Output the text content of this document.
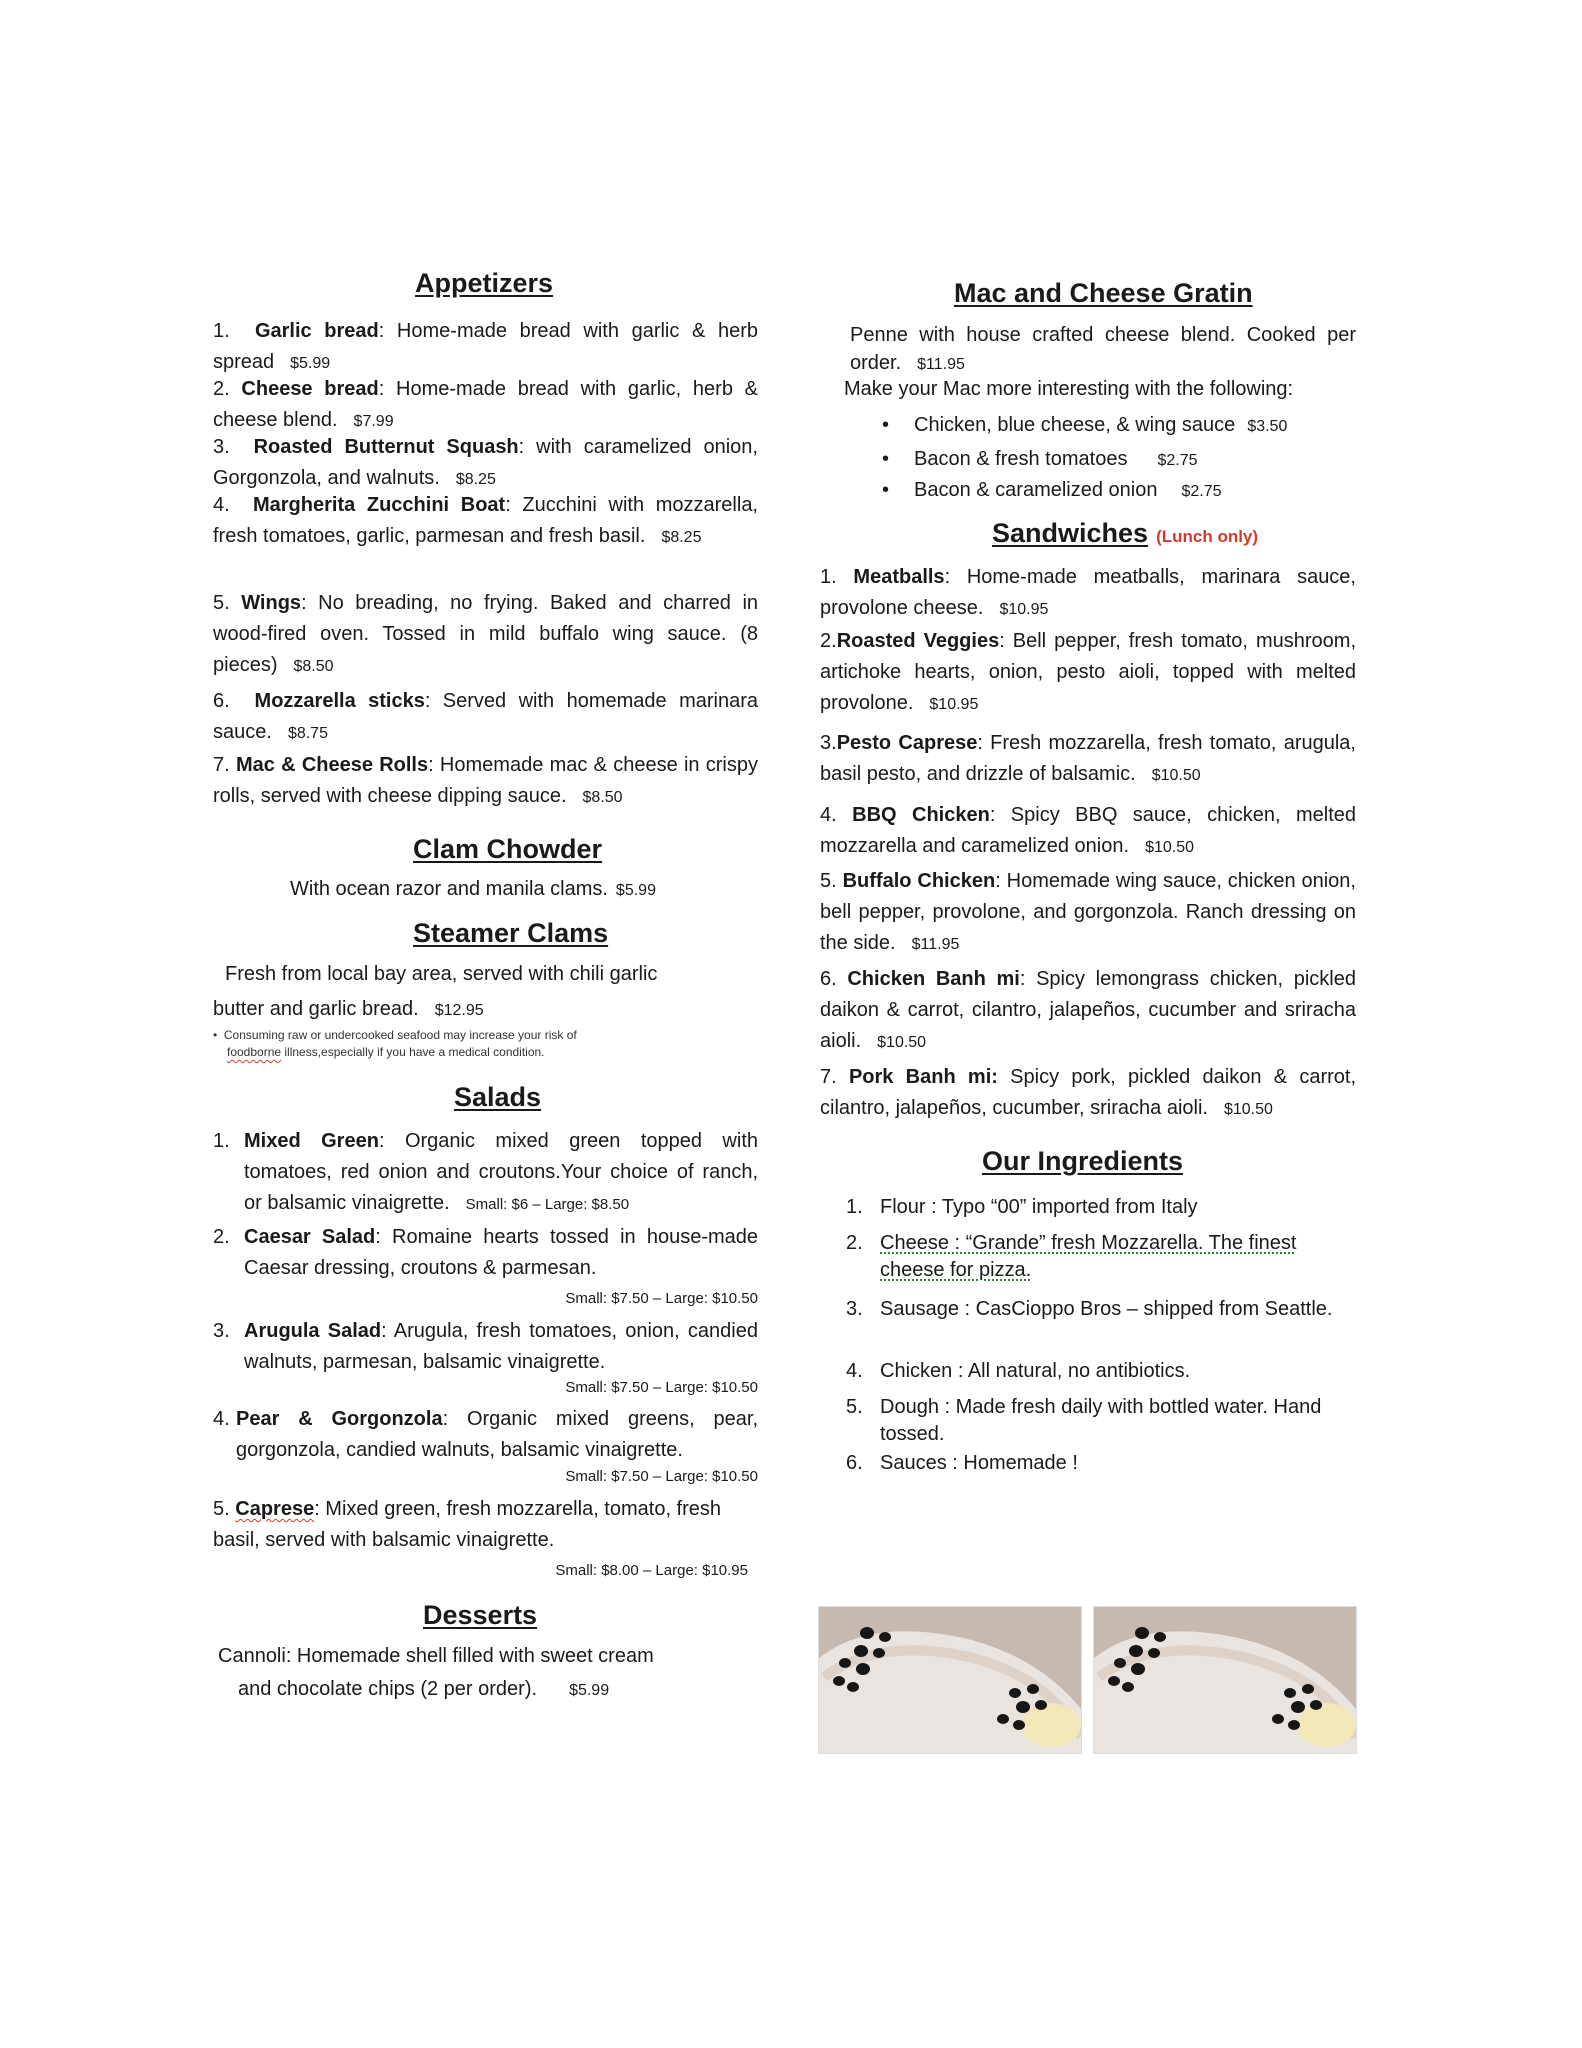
Appetizers
1. Garlic bread: Home-made bread with garlic & herb spread $5.99
2. Cheese bread: Home-made bread with garlic, herb & cheese blend. $7.99
3. Roasted Butternut Squash: with caramelized onion, Gorgonzola, and walnuts. $8.25
4. Margherita Zucchini Boat: Zucchini with mozzarella, fresh tomatoes, garlic, parmesan and fresh basil. $8.25
5. Wings: No breading, no frying. Baked and charred in wood-fired oven. Tossed in mild buffalo wing sauce. (8 pieces) $8.50
6. Mozzarella sticks: Served with homemade marinara sauce. $8.75
7. Mac & Cheese Rolls: Homemade mac & cheese in crispy rolls, served with cheese dipping sauce. $8.50
Clam Chowder
With ocean razor and manila clams. $5.99
Steamer Clams
Fresh from local bay area, served with chili garlic
butter and garlic bread. $12.95
•  Consuming raw or undercooked seafood may increase your risk of
foodborne illness,especially if you have a medical condition.
Salads
1. Mixed Green: Organic mixed green topped with tomatoes, red onion and croutons.Your choice of ranch, or balsamic vinaigrette. Small: $6 – Large: $8.50
2. Caesar Salad: Romaine hearts tossed in house-made Caesar dressing, croutons & parmesan.
Small: $7.50 – Large: $10.50
3. Arugula Salad: Arugula, fresh tomatoes, onion, candied walnuts, parmesan, balsamic vinaigrette.
Small: $7.50 – Large: $10.50
4. Pear & Gorgonzola: Organic mixed greens, pear, gorgonzola, candied walnuts, balsamic vinaigrette.
Small: $7.50 – Large: $10.50
5. Caprese: Mixed green, fresh mozzarella, tomato, fresh basil, served with balsamic vinaigrette.
Small: $8.00 – Large: $10.95
Desserts
Cannoli: Homemade shell filled with sweet cream
and chocolate chips (2 per order). $5.99
Mac and Cheese Gratin
Penne with house crafted cheese blend. Cooked per order. $11.95
Make your Mac more interesting with the following:
• Chicken, blue cheese, & wing sauce $3.50
• Bacon & fresh tomatoes $2.75
• Bacon & caramelized onion $2.75
Sandwiches (Lunch only)
1. Meatballs: Home-made meatballs, marinara sauce, provolone cheese. $10.95
2.Roasted Veggies: Bell pepper, fresh tomato, mushroom, artichoke hearts, onion, pesto aioli, topped with melted provolone. $10.95
3.Pesto Caprese: Fresh mozzarella, fresh tomato, arugula, basil pesto, and drizzle of balsamic. $10.50
4. BBQ Chicken: Spicy BBQ sauce, chicken, melted mozzarella and caramelized onion. $10.50
5. Buffalo Chicken: Homemade wing sauce, chicken onion, bell pepper, provolone, and gorgonzola. Ranch dressing on the side. $11.95
6. Chicken Banh mi: Spicy lemongrass chicken, pickled daikon & carrot, cilantro, jalapeños, cucumber and sriracha aioli. $10.50
7. Pork Banh mi: Spicy pork, pickled daikon & carrot, cilantro, jalapeños, cucumber, sriracha aioli. $10.50
Our Ingredients
1. Flour : Typo “00” imported from Italy
2. Cheese : “Grande” fresh Mozzarella. The finest cheese for pizza.
3. Sausage : CasCioppo Bros – shipped from Seattle.
4. Chicken : All natural, no antibiotics.
5. Dough : Made fresh daily with bottled water. Hand tossed.
6. Sauces : Homemade !
